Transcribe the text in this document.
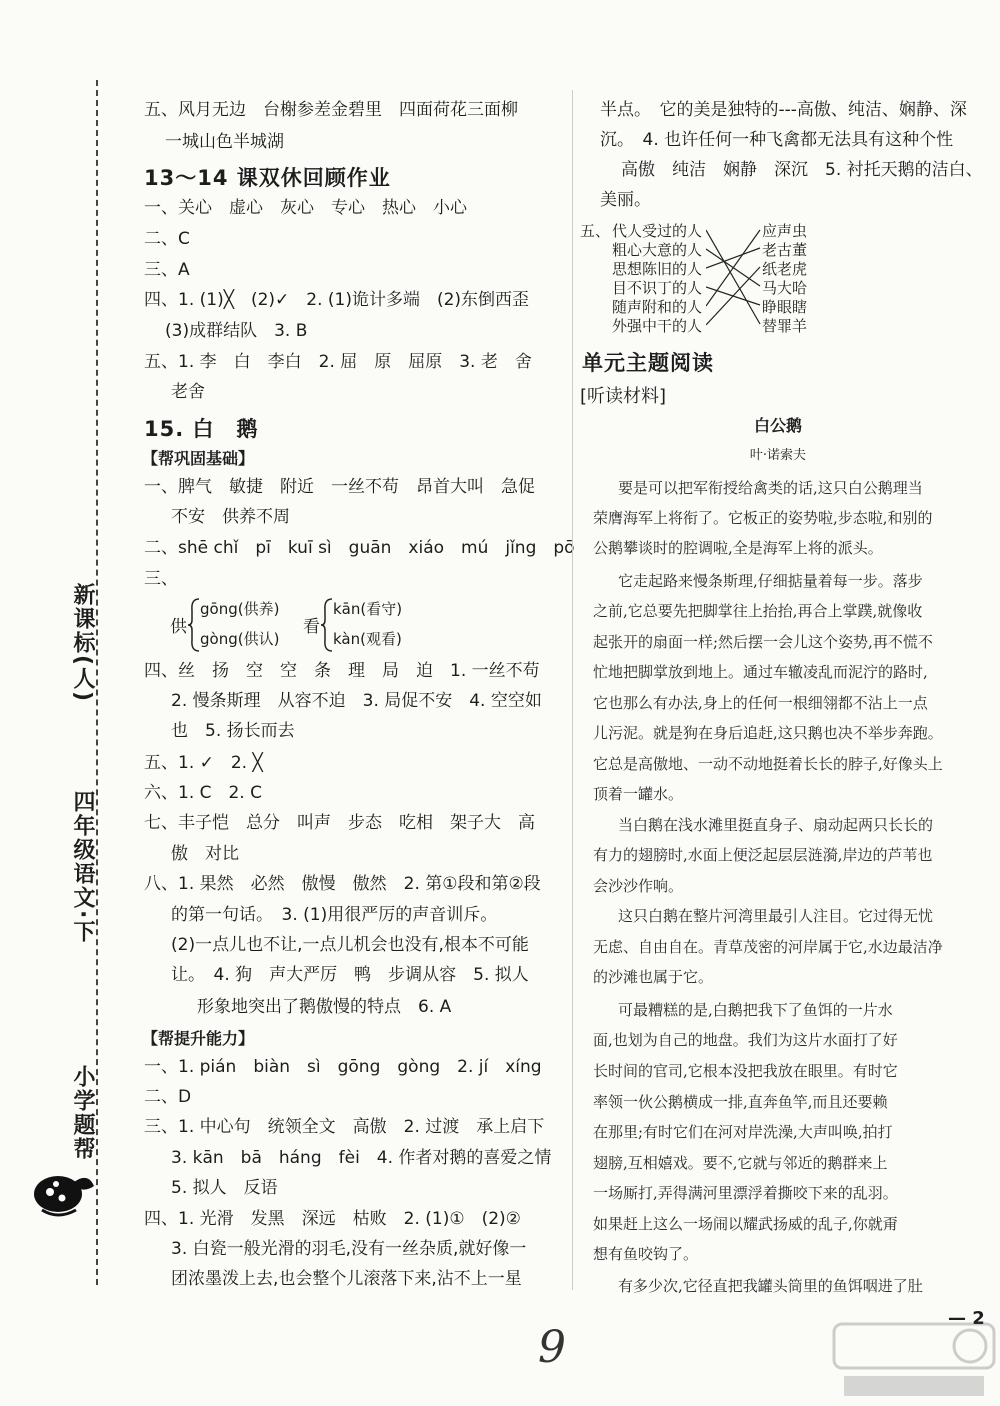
小学题帮
四年级语文·下
新课标(人)
五、风月无边　台榭参差金碧里　四面荷花三面柳
一城山色半城湖
13～14 课双休回顾作业
一、关心　虚心　灰心　专心　热心　小心
二、C
三、A
四、1. (1)╳　(2)✓　2. (1)诡计多端　(2)东倒西歪
(3)成群结队　3. B
五、1. 李　白　李白　2. 屈　原　屈原　3. 老　舍
老舍
15. 白　鹅
【帮巩固基础】
一、脾气　敏捷　附近　一丝不苟　昂首大叫　急促
不安　供养不周
二、shē chǐ　pī　kuī sì　guān　xiáo　mú　jǐng　pō
三、
供
gōng(供养)
gòng(供认)
看
kān(看守)
kàn(观看)
四、丝　扬　空　空　条　理　局　迫　1. 一丝不苟
2. 慢条斯理　从容不迫　3. 局促不安　4. 空空如
也　5. 扬长而去
五、1. ✓　2. ╳
六、1. C　2. C
七、丰子恺　总分　叫声　步态　吃相　架子大　高
傲　对比
八、1. 果然　必然　傲慢　傲然　2. 第①段和第②段
的第一句话。　3. (1)用很严厉的声音训斥。
(2)一点儿也不让,一点儿机会也没有,根本不可能
让。　4. 狗　声大严厉　鸭　步调从容　5. 拟人
形象地突出了鹅傲慢的特点　6. A
【帮提升能力】
一、1. pián　biàn　sì　gōng　gòng　2. jí　xíng
二、D
三、1. 中心句　统领全文　高傲　2. 过渡　承上启下
3. kān　bā　háng　fèi　4. 作者对鹅的喜爱之情
5. 拟人　反语
四、1. 光滑　发黑　深远　枯败　2. (1)①　(2)②
3. 白瓷一般光滑的羽毛,没有一丝杂质,就好像一
团浓墨泼上去,也会整个儿滚落下来,沾不上一星
半点。　它的美是独特的---高傲、纯洁、娴静、深
沉。　4. 也许任何一种飞禽都无法具有这种个性
高傲　纯洁　娴静　深沉　5. 衬托天鹅的洁白、
美丽。
五、 代人受过的人
粗心大意的人
思想陈旧的人
目不识丁的人
随声附和的人
外强中干的人
应声虫
老古董
纸老虎
马大哈
睁眼瞎
替罪羊
单元主题阅读
[听读材料]
白公鹅
叶·诺索夫

要是可以把军衔授给禽类的话,这只白公鹅理当

荣膺海军上将衔了。它板正的姿势啦,步态啦,和别的

公鹅攀谈时的腔调啦,全是海军上将的派头。

它走起路来慢条斯理,仔细掂量着每一步。落步

之前,它总要先把脚掌往上抬抬,再合上掌蹼,就像收

起张开的扇面一样;然后摆一会儿这个姿势,再不慌不

忙地把脚掌放到地上。通过车辙凌乱而泥泞的路时,

它也那么有办法,身上的任何一根细翎都不沾上一点

儿污泥。就是狗在身后追赶,这只鹅也决不举步奔跑。

它总是高傲地、一动不动地挺着长长的脖子,好像头上

顶着一罐水。

当白鹅在浅水滩里挺直身子、扇动起两只长长的

有力的翅膀时,水面上便泛起层层涟漪,岸边的芦苇也

会沙沙作响。

这只白鹅在整片河湾里最引人注目。它过得无忧

无虑、自由自在。青草茂密的河岸属于它,水边最洁净

的沙滩也属于它。

可最糟糕的是,白鹅把我下了鱼饵的一片水

面,也划为自己的地盘。我们为这片水面打了好

长时间的官司,它根本没把我放在眼里。有时它

率领一伙公鹅横成一排,直奔鱼竿,而且还要赖

在那里;有时它们在河对岸洗澡,大声叫唤,拍打

翅膀,互相嬉戏。要不,它就与邻近的鹅群来上

一场厮打,弄得满河里漂浮着撕咬下来的乱羽。

如果赶上这么一场闹以耀武扬威的乱子,你就甭

想有鱼咬钩了。

有多少次,它径直把我罐头筒里的鱼饵咽进了肚

— 2
9
